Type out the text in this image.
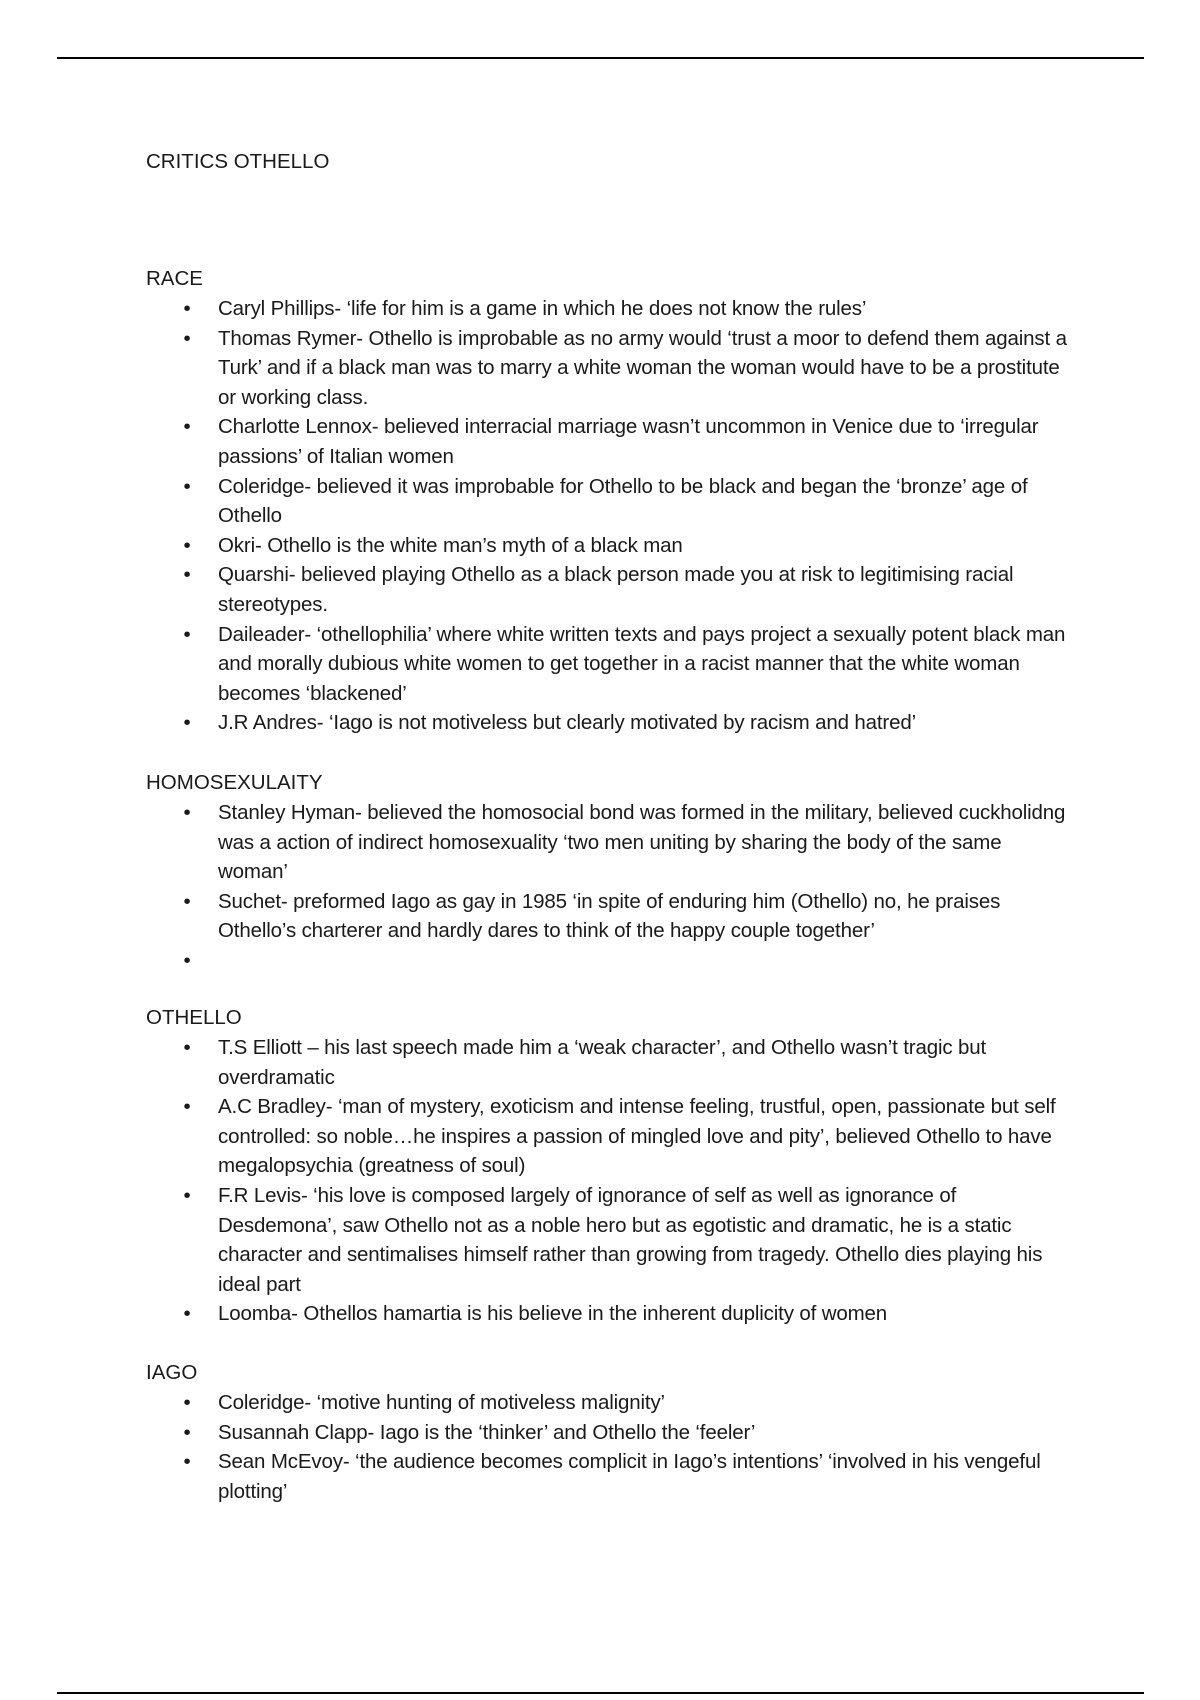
CRITICS OTHELLO
RACE
• Caryl Phillips- ‘life for him is a game in which he does not know the rules’
• Thomas Rymer- Othello is improbable as no army would ‘trust a moor to defend them against a Turk’ and if a black man was to marry a white woman the woman would have to be a prostitute or working class.
• Charlotte Lennox- believed interracial marriage wasn’t uncommon in Venice due to ‘irregular passions’ of Italian women
• Coleridge- believed it was improbable for Othello to be black and began the ‘bronze’ age of Othello
• Okri- Othello is the white man’s myth of a black man
• Quarshi- believed playing Othello as a black person made you at risk to legitimising racial stereotypes.
• Daileader- ‘othellophilia’ where white written texts and pays project a sexually potent black man and morally dubious white women to get together in a racist manner that the white woman becomes ‘blackened’
• J.R Andres- ‘Iago is not motiveless but clearly motivated by racism and hatred’
HOMOSEXULAITY
• Stanley Hyman- believed the homosocial bond was formed in the military, believed cuckholidng was a action of indirect homosexuality ‘two men uniting by sharing the body of the same woman’
• Suchet- preformed Iago as gay in 1985 ‘in spite of enduring him (Othello) no, he praises Othello’s charterer and hardly dares to think of the happy couple together’
•
OTHELLO
• T.S Elliott – his last speech made him a ‘weak character’, and Othello wasn’t tragic but overdramatic
• A.C Bradley- ‘man of mystery, exoticism and intense feeling, trustful, open, passionate but self controlled: so noble…he inspires a passion of mingled love and pity’, believed Othello to have megalopsychia (greatness of soul)
• F.R Levis- ‘his love is composed largely of ignorance of self as well as ignorance of Desdemona’, saw Othello not as a noble hero but as egotistic and dramatic, he is a static character and sentimalises himself rather than growing from tragedy. Othello dies playing his ideal part
• Loomba- Othellos hamartia is his believe in the inherent duplicity of women
IAGO
• Coleridge- ‘motive hunting of motiveless malignity’
• Susannah Clapp- Iago is the ‘thinker’ and Othello the ‘feeler’
• Sean McEvoy- ‘the audience becomes complicit in Iago’s intentions’ ‘involved in his vengeful plotting’
